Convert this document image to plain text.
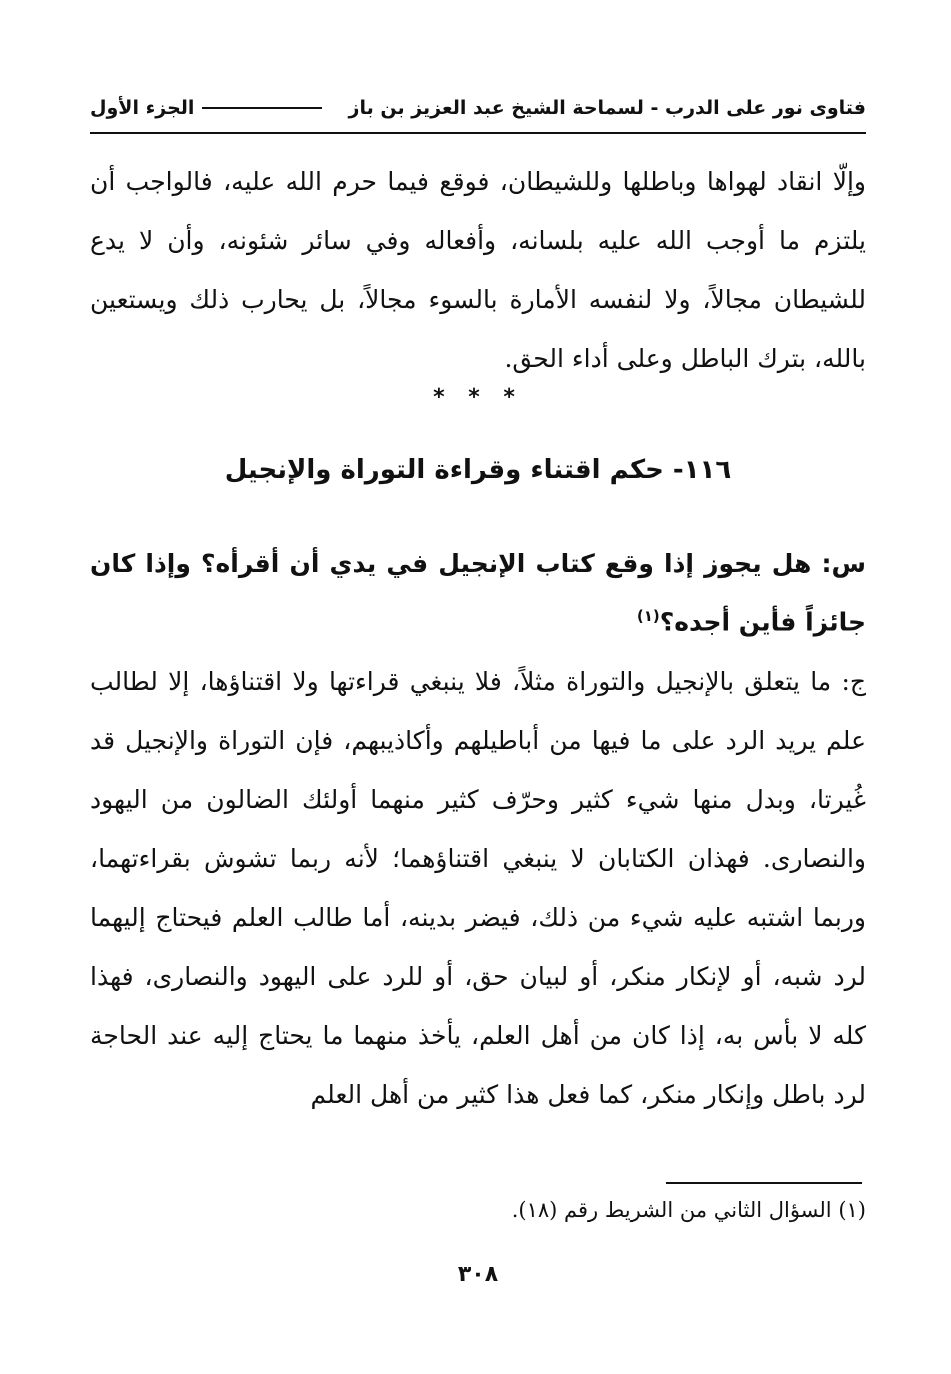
فتاوى نور على الدرب - لسماحة الشيخ عبد العزيز بن باز
الجزء الأول

وإلّا انقاد لهواها وباطلها وللشيطان، فوقع فيما حرم الله عليه، فالواجب أن يلتزم ما أوجب الله عليه بلسانه، وأفعاله وفي سائر شئونه، وأن لا يدع للشيطان مجالاً، ولا لنفسه الأمارة بالسوء مجالاً، بل يحارب ذلك ويستعين بالله، بترك الباطل وعلى أداء الحق.

* * *
١١٦- حكم اقتناء وقراءة التوراة والإنجيل

س: هل يجوز إذا وقع كتاب الإنجيل في يدي أن أقرأه؟ وإذا كان جائزاً فأين أجده؟$^{(١)}$

ج: ما يتعلق بالإنجيل والتوراة مثلاً، فلا ينبغي قراءتها ولا اقتناؤها، إلا لطالب علم يريد الرد على ما فيها من أباطيلهم وأكاذيبهم، فإن التوراة والإنجيل قد غُيرتا، وبدل منها شيء كثير وحرّف كثير منهما أولئك الضالون من اليهود والنصارى. فهذان الكتابان لا ينبغي اقتناؤهما؛ لأنه ربما تشوش بقراءتهما، وربما اشتبه عليه شيء من ذلك، فيضر بدينه، أما طالب العلم فيحتاج إليهما لرد شبه، أو لإنكار منكر، أو لبيان حق، أو للرد على اليهود والنصارى، فهذا كله لا بأس به، إذا كان من أهل العلم، يأخذ منهما ما يحتاج إليه عند الحاجة لرد باطل وإنكار منكر، كما فعل هذا كثير من أهل العلم

(١) السؤال الثاني من الشريط رقم (١٨).
٣٠٨
